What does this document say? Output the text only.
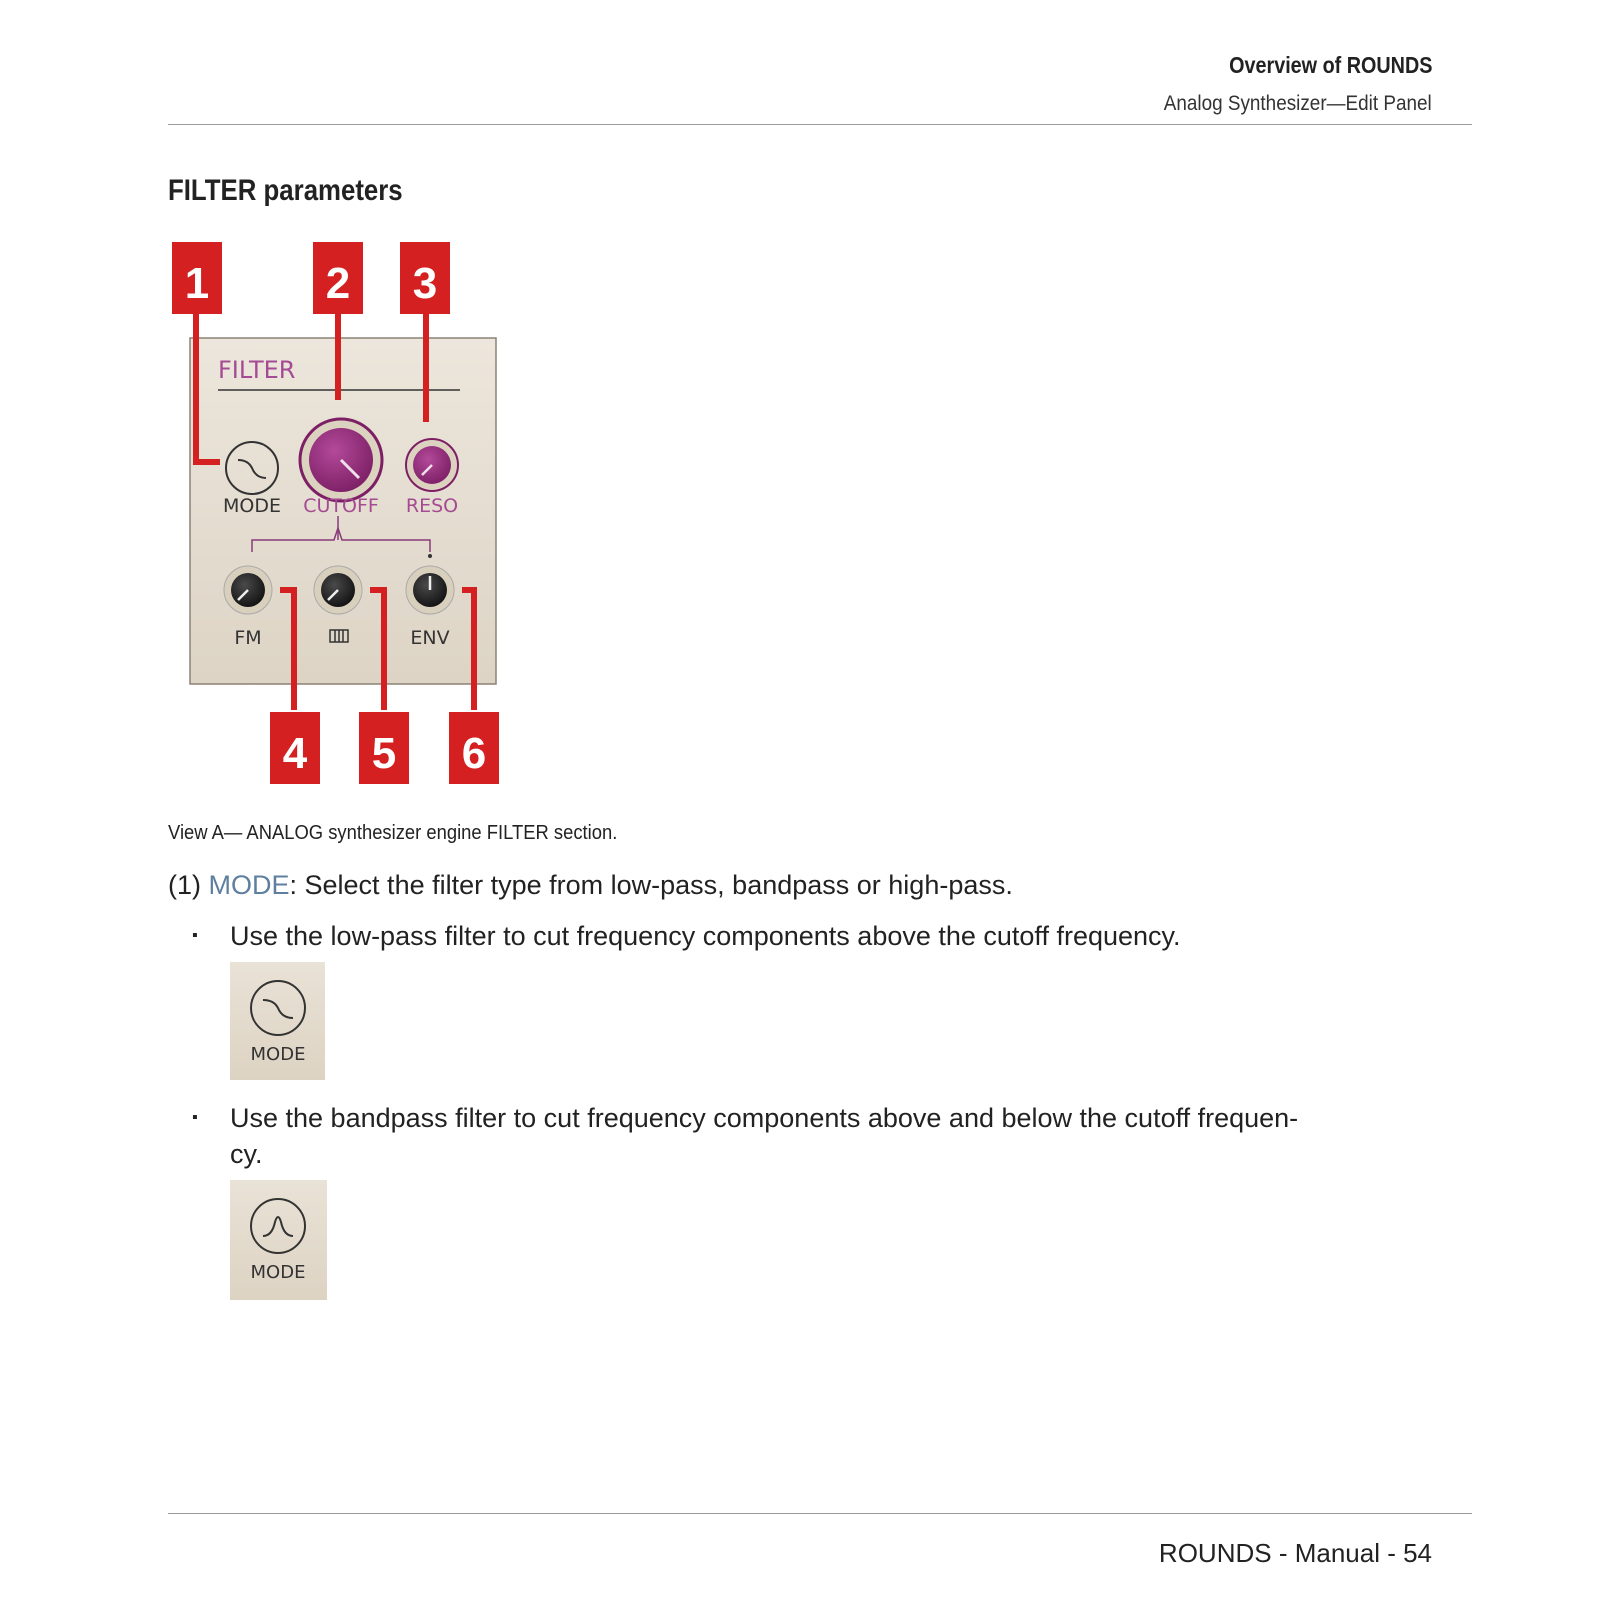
Overview of ROUNDS
Analog Synthesizer—Edit Panel
FILTER parameters
FILTER
MODE CUTOFF RESO
FM	ENV
1	2 3
4 5 6
View A— ANALOG synthesizer engine FILTER section.
(1) MODE: Select the filter type from low-pass, bandpass or high-pass.
▪ Use the low-pass filter to cut frequency components above the cutoff frequency.
MODE
▪ Use the bandpass filter to cut frequency components above and below the cutoff frequen-cy.
MODE
ROUNDS - Manual - 54
